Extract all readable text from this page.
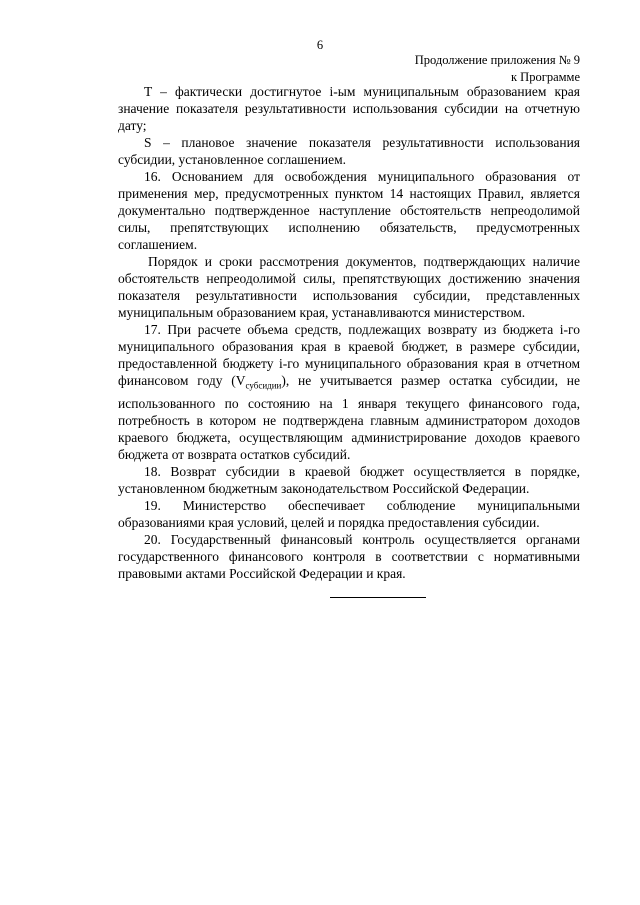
6
Продолжение приложения № 9
к Программе

T – фактически достигнутое i-ым муниципальным образованием края значение показателя результативности использования субсидии на отчетную дату;

S – плановое значение показателя результативности использования субсидии, установленное соглашением.

16. Основанием для освобождения муниципального образования от применения мер, предусмотренных пунктом 14 настоящих Правил, является документально подтвержденное наступление обстоятельств непреодолимой силы, препятствующих исполнению обязательств, предусмотренных соглашением.

Порядок и сроки рассмотрения документов, подтверждающих наличие обстоятельств непреодолимой силы, препятствующих достижению значения показателя результативности использования субсидии, представленных муниципальным образованием края, устанавливаются министерством.

17. При расчете объема средств, подлежащих возврату из бюджета i-го муниципального образования края в краевой бюджет, в размере субсидии, предоставленной бюджету i-го муниципального образования края в отчетном финансовом году $(V_{субсидии})$, не учитывается размер остатка субсидии, не использованного по состоянию на 1 января текущего финансового года, потребность в котором не подтверждена главным администратором доходов краевого бюджета, осуществляющим администрирование доходов краевого бюджета от возврата остатков субсидий.

18. Возврат субсидии в краевой бюджет осуществляется в порядке, установленном бюджетным законодательством Российской Федерации.

19. Министерство обеспечивает соблюдение муниципальными образованиями края условий, целей и порядка предоставления субсидии.

20. Государственный финансовый контроль осуществляется органами государственного финансового контроля в соответствии с нормативными правовыми актами Российской Федерации и края.
